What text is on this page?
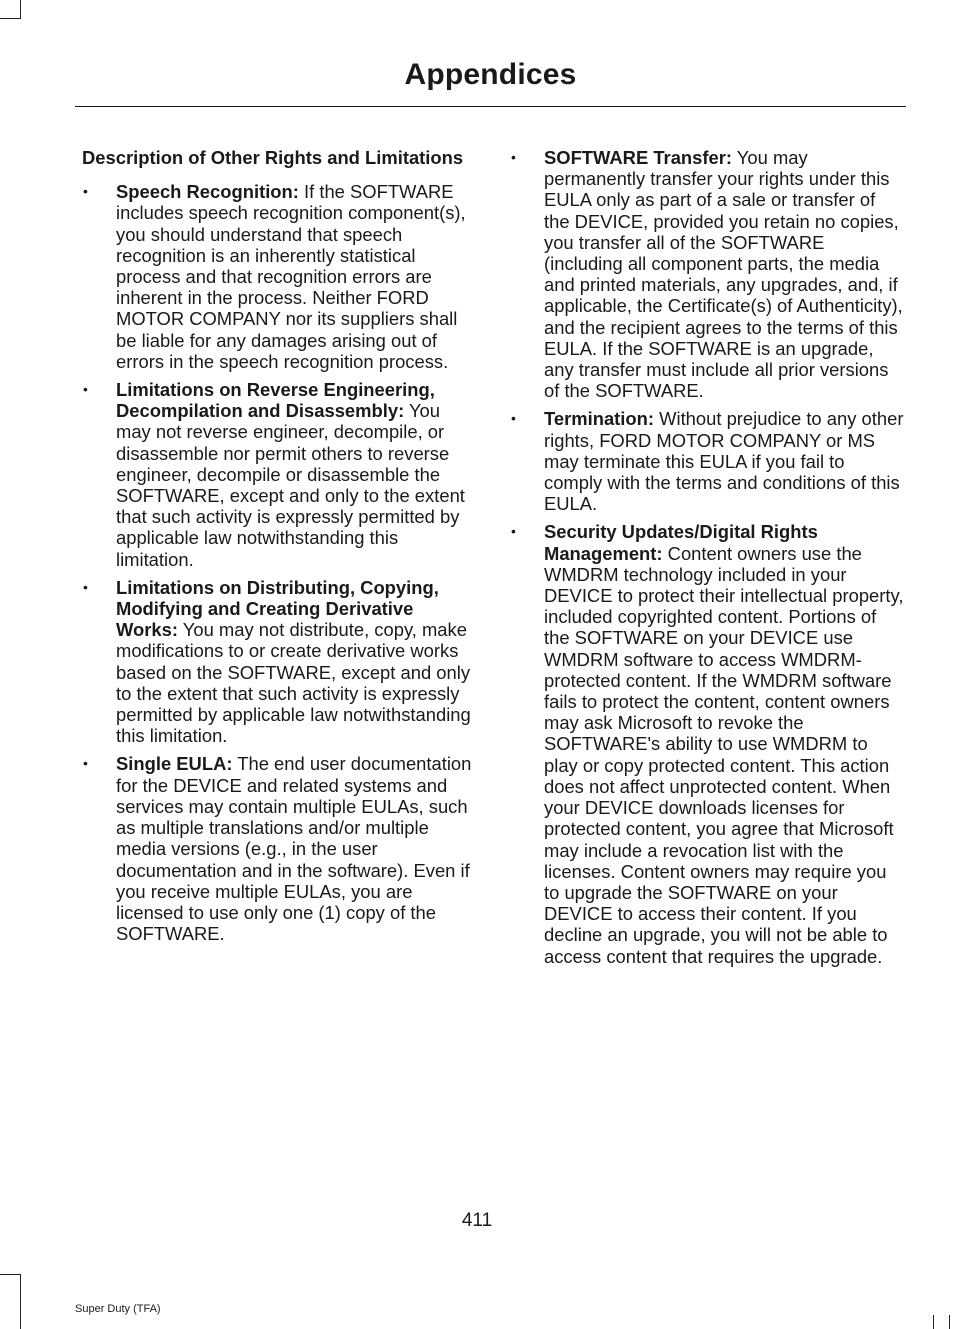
Appendices
Description of Other Rights and Limitations
• Speech Recognition: If the SOFTWARE includes speech recognition component(s), you should understand that speech recognition is an inherently statistical process and that recognition errors are inherent in the process. Neither FORD MOTOR COMPANY nor its suppliers shall be liable for any damages arising out of errors in the speech recognition process.
• Limitations on Reverse Engineering, Decompilation and Disassembly: You may not reverse engineer, decompile, or disassemble nor permit others to reverse engineer, decompile or disassemble the SOFTWARE, except and only to the extent that such activity is expressly permitted by applicable law notwithstanding this limitation.
• Limitations on Distributing, Copying, Modifying and Creating Derivative Works: You may not distribute, copy, make modifications to or create derivative works based on the SOFTWARE, except and only to the extent that such activity is expressly permitted by applicable law notwithstanding this limitation.
• Single EULA: The end user documentation for the DEVICE and related systems and services may contain multiple EULAs, such as multiple translations and/or multiple media versions (e.g., in the user documentation and in the software). Even if you receive multiple EULAs, you are licensed to use only one (1) copy of the SOFTWARE.
• SOFTWARE Transfer: You may permanently transfer your rights under this EULA only as part of a sale or transfer of the DEVICE, provided you retain no copies, you transfer all of the SOFTWARE (including all component parts, the media and printed materials, any upgrades, and, if applicable, the Certificate(s) of Authenticity), and the recipient agrees to the terms of this EULA. If the SOFTWARE is an upgrade, any transfer must include all prior versions of the SOFTWARE.
• Termination: Without prejudice to any other rights, FORD MOTOR COMPANY or MS may terminate this EULA if you fail to comply with the terms and conditions of this EULA.
• Security Updates/Digital Rights Management: Content owners use the WMDRM technology included in your DEVICE to protect their intellectual property, included copyrighted content. Portions of the SOFTWARE on your DEVICE use WMDRM software to access WMDRM-protected content. If the WMDRM software fails to protect the content, content owners may ask Microsoft to revoke the SOFTWARE's ability to use WMDRM to play or copy protected content. This action does not affect unprotected content. When your DEVICE downloads licenses for protected content, you agree that Microsoft may include a revocation list with the licenses. Content owners may require you to upgrade the SOFTWARE on your DEVICE to access their content. If you decline an upgrade, you will not be able to access content that requires the upgrade.
411
Super Duty (TFA)
